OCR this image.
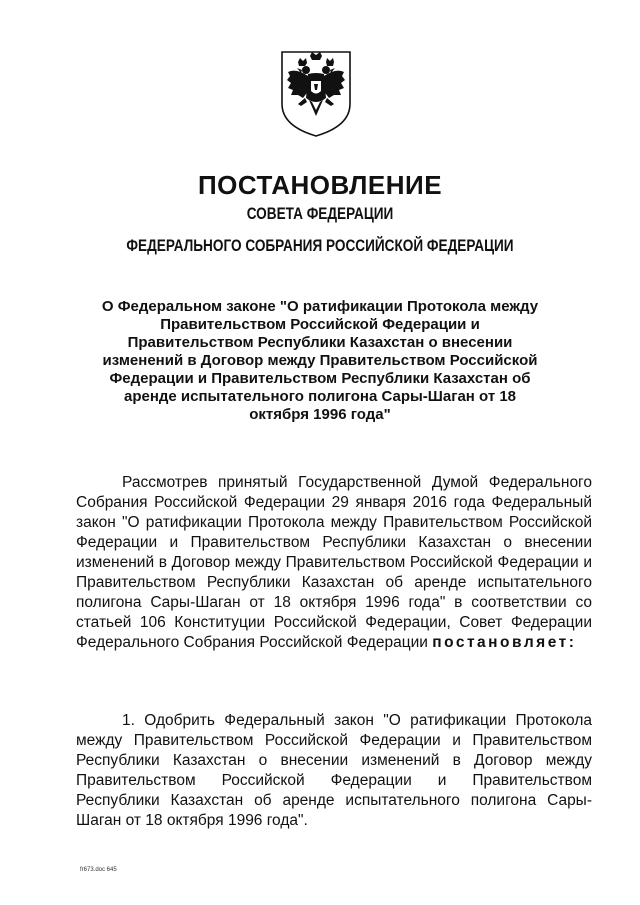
ПОСТАНОВЛЕНИЕ
СОВЕТА ФЕДЕРАЦИИ
ФЕДЕРАЛЬНОГО СОБРАНИЯ РОССИЙСКОЙ ФЕДЕРАЦИИ
О Федеральном законе "О ратификации Протокола между Правительством Российской Федерации и Правительством Республики Казахстан о внесении изменений в Договор между Правительством Российской Федерации и Правительством Республики Казахстан об аренде испытательного полигона Сары-Шаган от 18 октября 1996 года"
Рассмотрев принятый Государственной Думой Федерального Собрания Российской Федерации 29 января 2016 года Федеральный закон "О ратификации Протокола между Правительством Российской Федерации и Правительством Республики Казахстан о внесении изменений в Договор между Правительством Российской Федерации и Правительством Республики Казахстан об аренде испытательного полигона Сары-Шаган от 18 октября 1996 года" в соответствии со статьей 106 Конституции Российской Федерации, Совет Федерации Федерального Собрания Российской Федерации постановляет:
1. Одобрить Федеральный закон "О ратификации Протокола между Правительством Российской Федерации и Правительством Республики Казахстан о внесении изменений в Договор между Правительством Российской Федерации и Правительством Республики Казахстан об аренде испытательного полигона Сары-Шаган от 18 октября 1996 года".
fr673.doc 645
